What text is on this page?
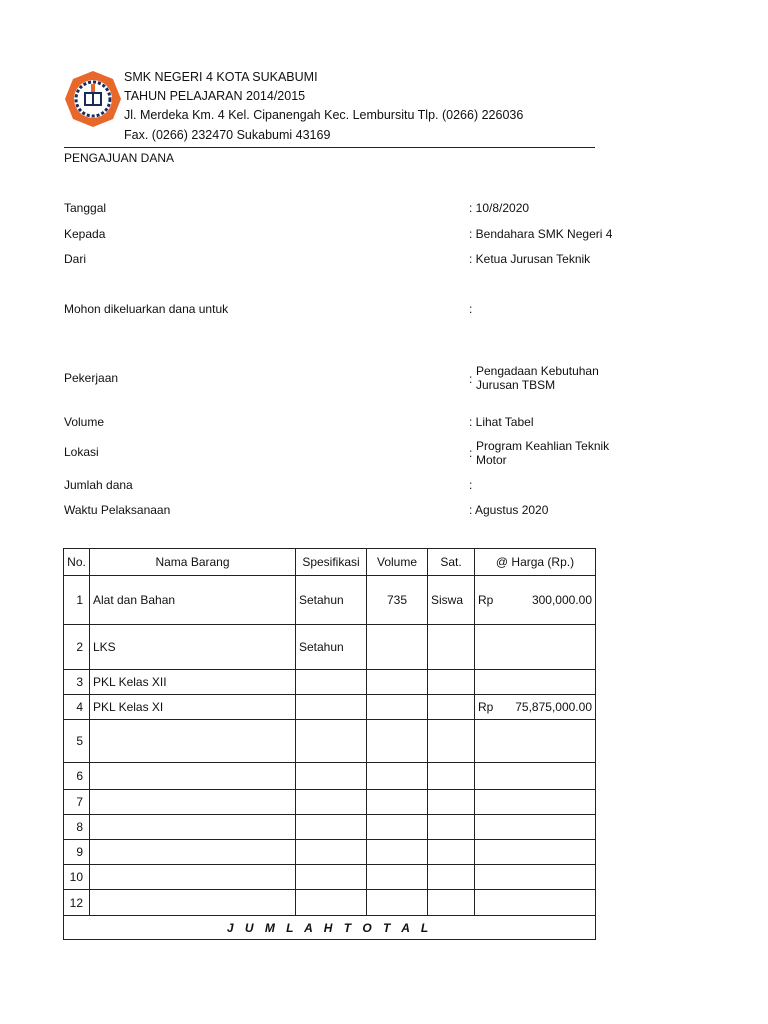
SMK NEGERI 4 KOTA SUKABUMI
TAHUN PELAJARAN 2014/2015
Jl. Merdeka Km. 4 Kel. Cipanengah Kec. Lembursitu Tlp. (0266) 226036
Fax. (0266) 232470 Sukabumi 43169
PENGAJUAN DANA
Tanggal	: 10/8/2020
Kepada	: Bendahara SMK Negeri 4
Dari	: Ketua Jurusan Teknik
Mohon dikeluarkan dana untuk	:
Pekerjaan	:
Pengadaan Kebutuhan
Jurusan TBSM
Volume	: Lihat Tabel
Lokasi	: Program Keahlian Teknik
Motor
Jumlah dana	:
Waktu Pelaksanaan	: Agustus 2020
No.	Nama Barang	Spesifikasi	Volume	Sat.	@ Harga (Rp.)
1	Alat dan Bahan	Setahun	735	Siswa	Rp 300,000.00

2	LKS	Setahun			

3	PKL Kelas XII				

4	PKL Kelas XI				Rp 75,875,000.00

5					

6					

7					

8					

9					

10					

12					

J U M L A H T O T A L					
